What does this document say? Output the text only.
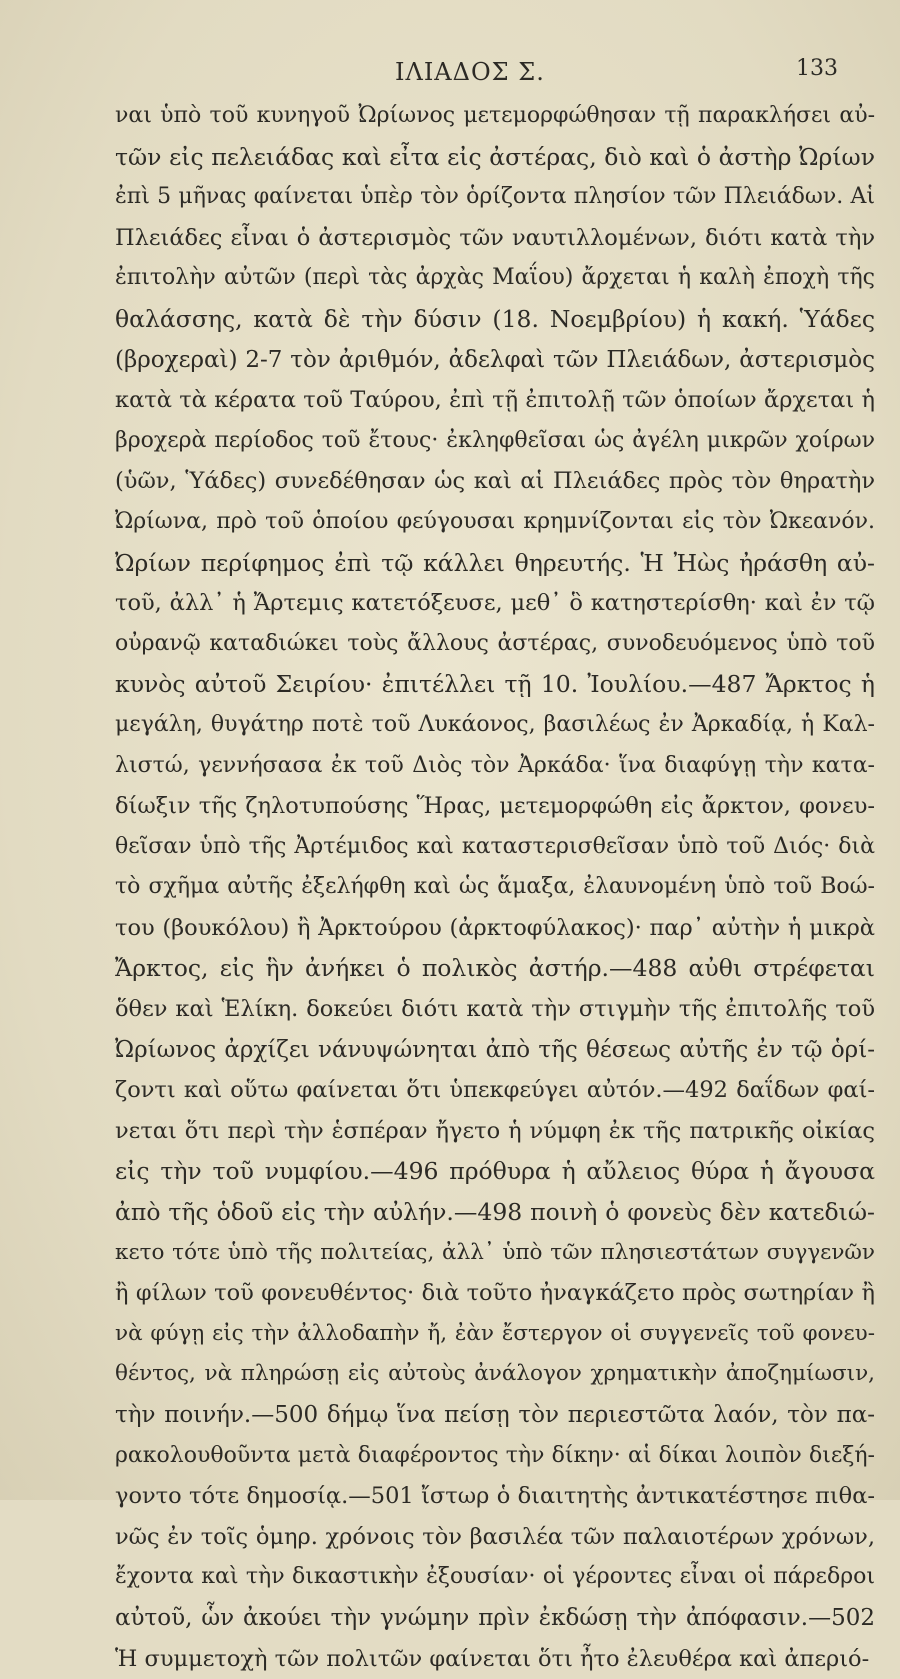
ΙΛΙΑΔΟΣ Σ.	133
ναι ὑπὸ τοῦ κυνηγοῦ Ὠρίωνος μετεμορφώθησαν τῇ παρακλήσει αὐ-
τῶν εἰς πελειάδας καὶ εἶτα εἰς ἀστέρας, διὸ καὶ ὁ ἀστὴρ Ὠρίων
ἐπὶ 5 μῆνας φαίνεται ὑπὲρ τὸν ὁρίζοντα πλησίον τῶν Πλειάδων. Αἱ
Πλειάδες εἶναι ὁ ἀστερισμὸς τῶν ναυτιλλομένων, διότι κατὰ τὴν
ἐπιτολὴν αὐτῶν (περὶ τὰς ἀρχὰς Μαΐου) ἄρχεται ἡ καλὴ ἐποχὴ τῆς
θαλάσσης, κατὰ δὲ τὴν δύσιν (18. Νοεμβρίου) ἡ κακή. Ὑάδες
(βροχεραὶ) 2-7 τὸν ἀριθμόν, ἀδελφαὶ τῶν Πλειάδων, ἀστερισμὸς
κατὰ τὰ κέρατα τοῦ Ταύρου, ἐπὶ τῇ ἐπιτολῇ τῶν ὁποίων ἄρχεται ἡ
βροχερὰ περίοδος τοῦ ἔτους· ἐκληφθεῖσαι ὡς ἀγέλη μικρῶν χοίρων
(ὑῶν, Ὑάδες) συνεδέθησαν ὡς καὶ αἱ Πλειάδες πρὸς τὸν θηρατὴν
Ὠρίωνα, πρὸ τοῦ ὁποίου φεύγουσαι κρημνίζονται εἰς τὸν Ὠκεανόν.
Ὠρίων περίφημος ἐπὶ τῷ κάλλει θηρευτής. Ἡ Ἠὼς ἠράσθη αὐ-
τοῦ, ἀλλ᾽ ἡ Ἄρτεμις κατετόξευσε, μεθ᾽ ὃ κατηστερίσθη· καὶ ἐν τῷ
οὐρανῷ καταδιώκει τοὺς ἄλλους ἀστέρας, συνοδευόμενος ὑπὸ τοῦ
κυνὸς αὐτοῦ Σειρίου· ἐπιτέλλει τῇ 10. Ἰουλίου.—487 Ἄρκτος ἡ
μεγάλη, θυγάτηρ ποτὲ τοῦ Λυκάονος, βασιλέως ἐν Ἀρκαδίᾳ, ἡ Καλ-
λιστώ, γεννήσασα ἐκ τοῦ Διὸς τὸν Ἀρκάδα· ἵνα διαφύγῃ τὴν κατα-
δίωξιν τῆς ζηλοτυπούσης Ἥρας, μετεμορφώθη εἰς ἄρκτον, φονευ-
θεῖσαν ὑπὸ τῆς Ἀρτέμιδος καὶ καταστερισθεῖσαν ὑπὸ τοῦ Διός· διὰ
τὸ σχῆμα αὐτῆς ἐξελήφθη καὶ ὡς ἅμαξα, ἐλαυνομένη ὑπὸ τοῦ Βοώ-
του (βουκόλου) ἢ Ἀρκτούρου (ἀρκτοφύλακος)· παρ᾽ αὐτὴν ἡ μικρὰ
Ἄρκτος, εἰς ἣν ἀνήκει ὁ πολικὸς ἀστήρ.—488 αὐθι στρέφεται
ὅθεν καὶ Ἑλίκη. δοκεύει διότι κατὰ τὴν στιγμὴν τῆς ἐπιτολῆς τοῦ
Ὠρίωνος ἀρχίζει νάνυψώνηται ἀπὸ τῆς θέσεως αὐτῆς ἐν τῷ ὁρί-
ζοντι καὶ οὕτω φαίνεται ὅτι ὑπεκφεύγει αὐτόν.—492 δαΐδων φαί-
νεται ὅτι περὶ τὴν ἑσπέραν ἤγετο ἡ νύμφη ἐκ τῆς πατρικῆς οἰκίας
εἰς τὴν τοῦ νυμφίου.—496 πρόθυρα ἡ αὔλειος θύρα ἡ ἄγουσα
ἀπὸ τῆς ὁδοῦ εἰς τὴν αὐλήν.—498 ποινὴ ὁ φονεὺς δὲν κατεδιώ-
κετο τότε ὑπὸ τῆς πολιτείας, ἀλλ᾽ ὑπὸ τῶν πλησιεστάτων συγγενῶν
ἢ φίλων τοῦ φονευθέντος· διὰ τοῦτο ἠναγκάζετο πρὸς σωτηρίαν ἢ
νὰ φύγῃ εἰς τὴν ἀλλοδαπὴν ἤ, ἐὰν ἔστεργον οἱ συγγενεῖς τοῦ φονευ-
θέντος, νὰ πληρώσῃ εἰς αὐτοὺς ἀνάλογον χρηματικὴν ἀποζημίωσιν,
τὴν ποινήν.—500 δήμῳ ἵνα πείσῃ τὸν περιεστῶτα λαόν, τὸν πα-
ρακολουθοῦντα μετὰ διαφέροντος τὴν δίκην· αἱ δίκαι λοιπὸν διεξή-
γοντο τότε δημοσίᾳ.—501 ἴστωρ ὁ διαιτητὴς ἀντικατέστησε πιθα-
νῶς ἐν τοῖς ὁμηρ. χρόνοις τὸν βασιλέα τῶν παλαιοτέρων χρόνων,
ἔχοντα καὶ τὴν δικαστικὴν ἐξουσίαν· οἱ γέροντες εἶναι οἱ πάρεδροι
αὐτοῦ, ὧν ἀκούει τὴν γνώμην πρὶν ἐκδώσῃ τὴν ἀπόφασιν.—502
Ἡ συμμετοχὴ τῶν πολιτῶν φαίνεται ὅτι ἦτο ἐλευθέρα καὶ ἀπεριό-
